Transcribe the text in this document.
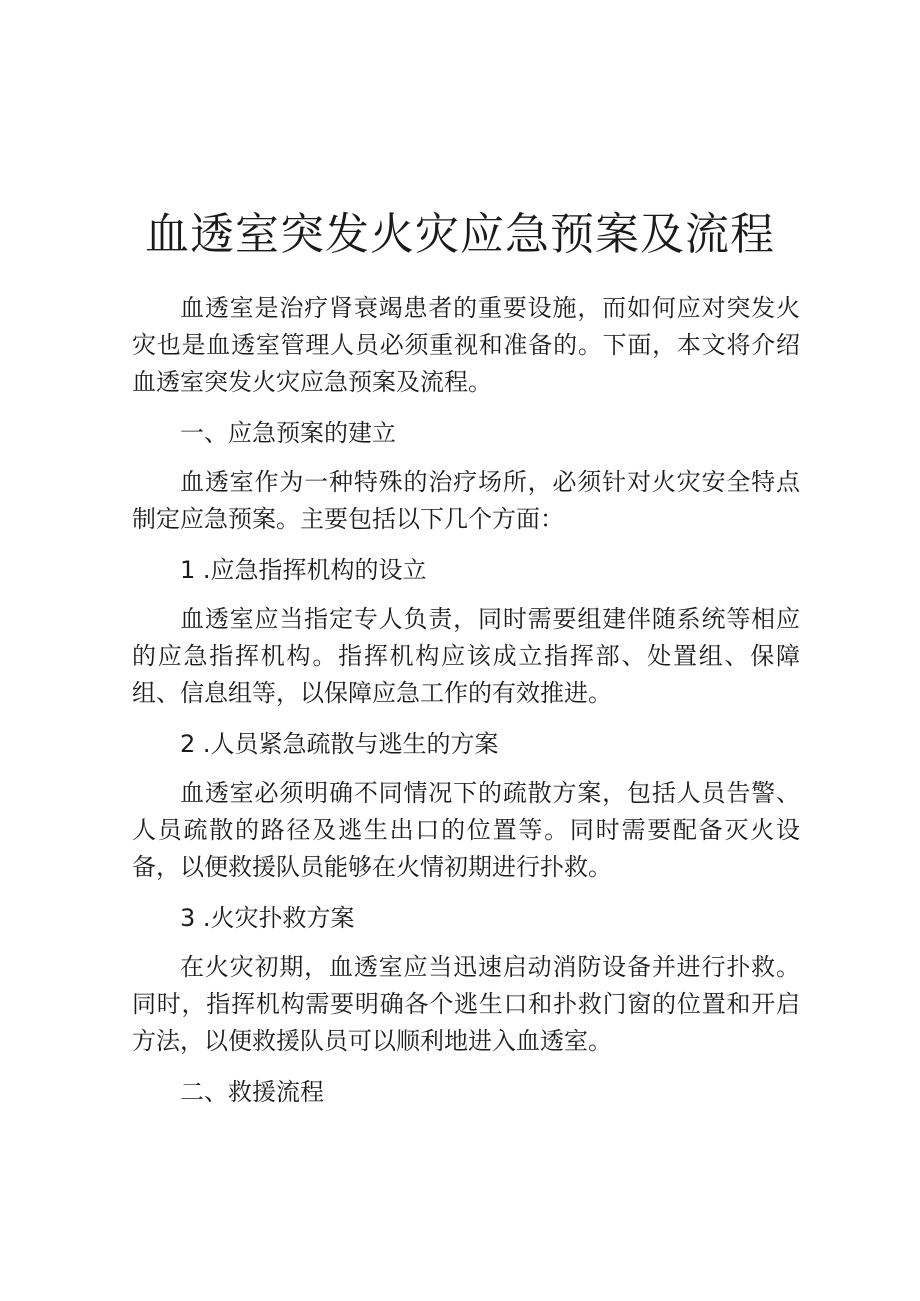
血透室突发火灾应急预案及流程

血透室是治疗肾衰竭患者的重要设施，而如何应对突发火灾也是血透室管理人员必须重视和准备的。下面，本文将介绍血透室突发火灾应急预案及流程。

一、应急预案的建立

血透室作为一种特殊的治疗场所，必须针对火灾安全特点制定应急预案。主要包括以下几个方面：

1 .应急指挥机构的设立

血透室应当指定专人负责，同时需要组建伴随系统等相应的应急指挥机构。指挥机构应该成立指挥部、处置组、保障组、信息组等，以保障应急工作的有效推进。

2 .人员紧急疏散与逃生的方案

血透室必须明确不同情况下的疏散方案，包括人员告警、人员疏散的路径及逃生出口的位置等。同时需要配备灭火设备，以便救援队员能够在火情初期进行扑救。

3 .火灾扑救方案

在火灾初期，血透室应当迅速启动消防设备并进行扑救。同时，指挥机构需要明确各个逃生口和扑救门窗的位置和开启方法，以便救援队员可以顺利地进入血透室。

二、救援流程
